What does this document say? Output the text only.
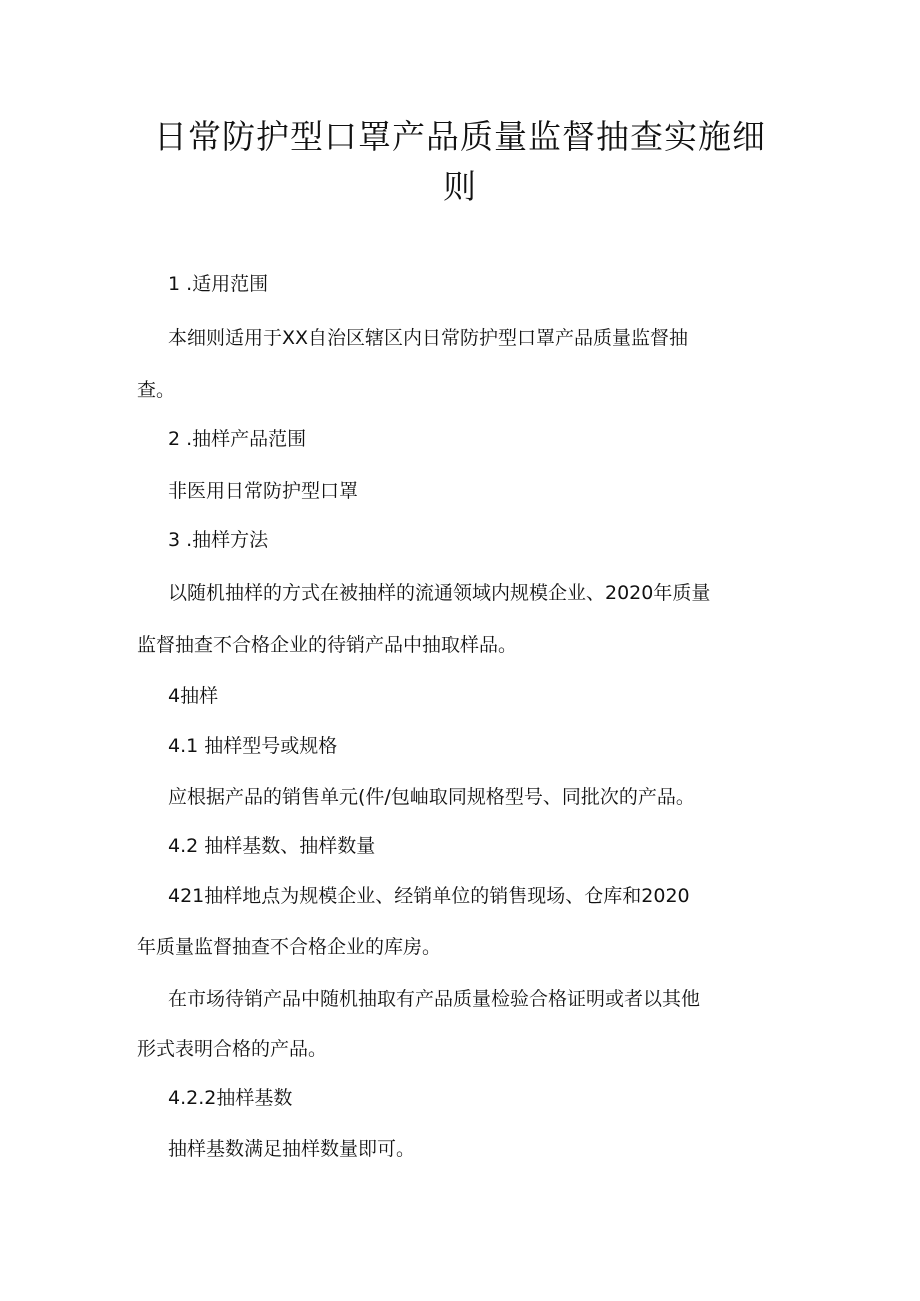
日常防护型口罩产品质量监督抽查实施细则

1 .适用范围

本细则适用于XX自治区辖区内日常防护型口罩产品质量监督抽

查。

2 .抽样产品范围

非医用日常防护型口罩

3 .抽样方法

以随机抽样的方式在被抽样的流通领域内规模企业、2020年质量

监督抽查不合格企业的待销产品中抽取样品。

4抽样

4.1 抽样型号或规格

应根据产品的销售单元(件/包岫取同规格型号、同批次的产品。

4.2 抽样基数、抽样数量

421抽样地点为规模企业、经销单位的销售现场、仓库和2020

年质量监督抽查不合格企业的库房。

在市场待销产品中随机抽取有产品质量检验合格证明或者以其他

形式表明合格的产品。

4.2.2抽样基数

抽样基数满足抽样数量即可。
